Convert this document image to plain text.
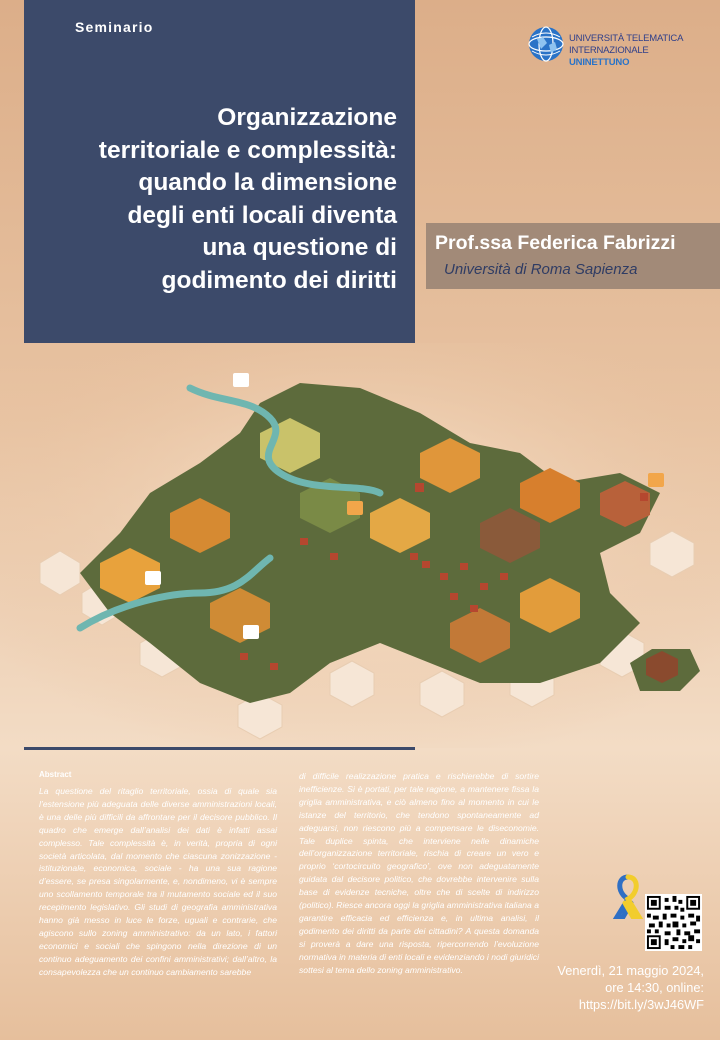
Seminario
Organizzazione
territoriale e complessità:
quando la dimensione
degli enti locali diventa
una questione di
godimento dei diritti
UNIVERSITÀ TELEMATICA
INTERNAZIONALE UNINETTUNO
Prof.ssa Federica Fabrizzi
Università di Roma Sapienza
Abstract

La questione del ritaglio territoriale, ossia di quale sia l’estensione più adeguata delle diverse amministrazioni locali, è una delle più difficili da affrontare per il decisore pubblico. Il quadro che emerge dall’analisi dei dati è infatti assai complesso. Tale complessità è, in verità, propria di ogni società articolata, dal momento che ciascuna zonizzazione - istituzionale, economica, sociale - ha una sua ragione d’essere, se presa singolarmente, e, nondimeno, vi è sempre uno scollamento temporale tra il mutamento sociale ed il suo recepimento legislativo. Gli studi di geografia amministrativa hanno già messo in luce le forze, uguali e contrarie, che agiscono sullo zoning amministrativo: da un lato, i fattori economici e sociali che spingono nella direzione di un continuo adeguamento dei confini amministrativi; dall’altro, la consapevolezza che un continuo cambiamento sarebbe

di difficile realizzazione pratica e rischierebbe di sortire inefficienze. Si è portati, per tale ragione, a mantenere fissa la griglia amministrativa, e ciò almeno fino al momento in cui le istanze del territorio, che tendono spontaneamente ad adeguarsi, non riescono più a compensare le diseconomie. Tale duplice spinta, che interviene nelle dinamiche dell’organizzazione territoriale, rischia di creare un vero e proprio ‘cortocircuito geografico’, ove non adeguatamente guidata dal decisore politico, che dovrebbe intervenire sulla base di evidenze tecniche, oltre che di scelte di indirizzo (politico). Riesce ancora oggi la griglia amministrativa italiana a garantire efficacia ed efficienza e, in ultima analisi, il godimento dei diritti da parte dei cittadini? A questa domanda si proverà a dare una risposta, ripercorrendo l’evoluzione normativa in materia di enti locali e evidenziando i nodi giuridici sottesi al tema dello zoning amministrativo.	Venerdì, 21 maggio 2024,
ore 14:30, online:
https://bit.ly/3wJ46WF
